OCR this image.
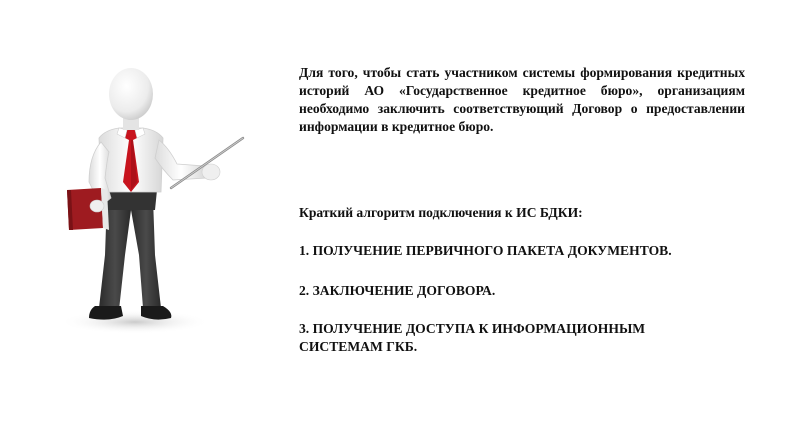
Для того, чтобы стать участником системы формирования кредитных историй АО «Государственное кредитное бюро», организациям необходимо заключить соответствующий Договор о предоставлении информации в кредитное бюро.

Краткий алгоритм подключения к ИС БДКИ:

1. ПОЛУЧЕНИЕ ПЕРВИЧНОГО ПАКЕТА ДОКУМЕНТОВ.

2. ЗАКЛЮЧЕНИЕ ДОГОВОРА.

3. ПОЛУЧЕНИЕ ДОСТУПА К ИНФОРМАЦИОННЫМ СИСТЕМАМ ГКБ.
